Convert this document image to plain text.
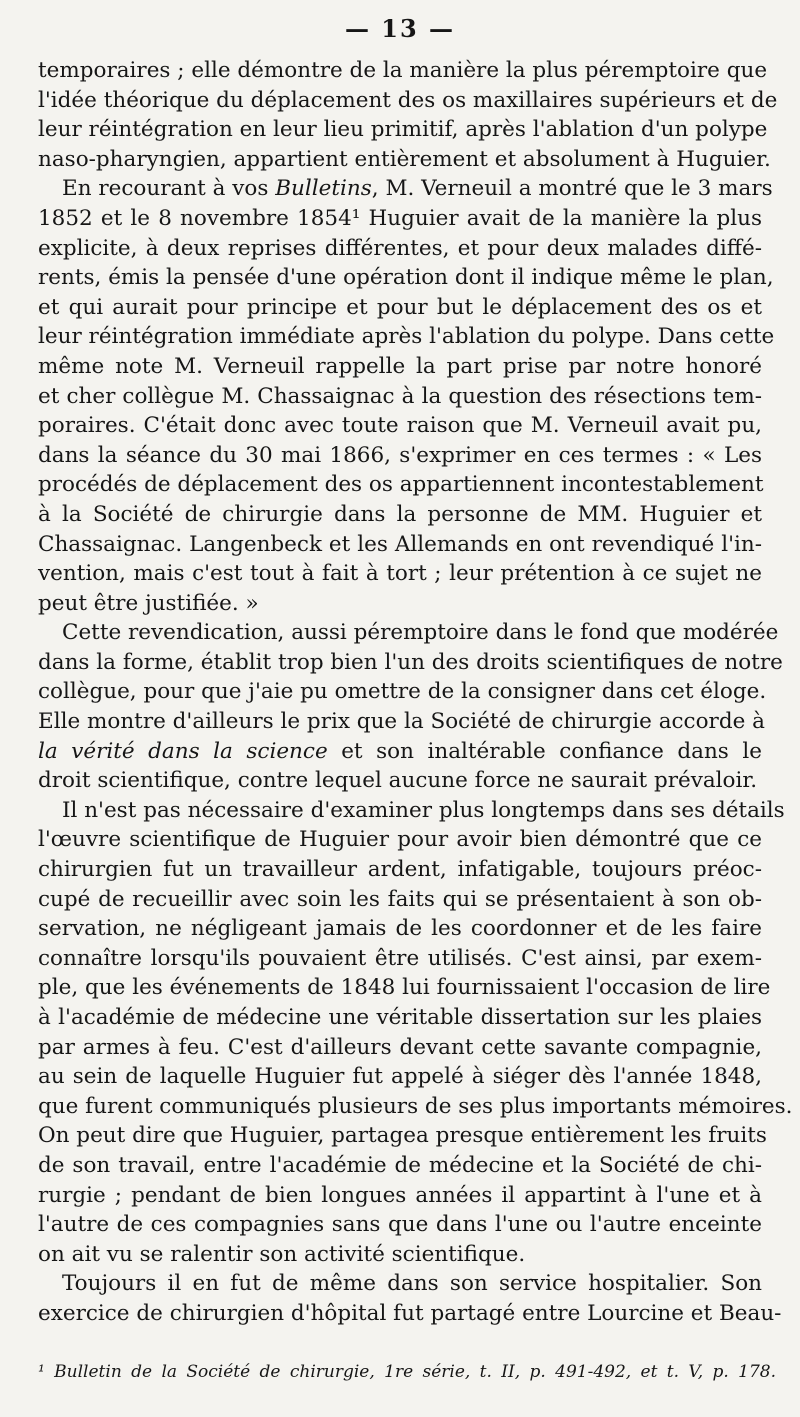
— 13 —
temporaires ; elle démontre de la manière la plus péremptoire que
l'idée théorique du déplacement des os maxillaires supérieurs et de
leur réintégration en leur lieu primitif, après l'ablation d'un polype
naso-pharyngien, appartient entièrement et absolument à Huguier.
En recourant à vos Bulletins, M. Verneuil a montré que le 3 mars
1852 et le 8 novembre 1854¹ Huguier avait de la manière la plus
explicite, à deux reprises différentes, et pour deux malades diffé-
rents, émis la pensée d'une opération dont il indique même le plan,
et qui aurait pour principe et pour but le déplacement des os et
leur réintégration immédiate après l'ablation du polype. Dans cette
même note M. Verneuil rappelle la part prise par notre honoré
et cher collègue M. Chassaignac à la question des résections tem-
poraires. C'était donc avec toute raison que M. Verneuil avait pu,
dans la séance du 30 mai 1866, s'exprimer en ces termes : « Les
procédés de déplacement des os appartiennent incontestablement
à la Société de chirurgie dans la personne de MM. Huguier et
Chassaignac. Langenbeck et les Allemands en ont revendiqué l'in-
vention, mais c'est tout à fait à tort ; leur prétention à ce sujet ne
peut être justifiée. »
Cette revendication, aussi péremptoire dans le fond que modérée
dans la forme, établit trop bien l'un des droits scientifiques de notre
collègue, pour que j'aie pu omettre de la consigner dans cet éloge.
Elle montre d'ailleurs le prix que la Société de chirurgie accorde à
la vérité dans la science et son inaltérable confiance dans le
droit scientifique, contre lequel aucune force ne saurait prévaloir.
Il n'est pas nécessaire d'examiner plus longtemps dans ses détails
l'œuvre scientifique de Huguier pour avoir bien démontré que ce
chirurgien fut un travailleur ardent, infatigable, toujours préoc-
cupé de recueillir avec soin les faits qui se présentaient à son ob-
servation, ne négligeant jamais de les coordonner et de les faire
connaître lorsqu'ils pouvaient être utilisés. C'est ainsi, par exem-
ple, que les événements de 1848 lui fournissaient l'occasion de lire
à l'académie de médecine une véritable dissertation sur les plaies
par armes à feu. C'est d'ailleurs devant cette savante compagnie,
au sein de laquelle Huguier fut appelé à siéger dès l'année 1848,
que furent communiqués plusieurs de ses plus importants mémoires.
On peut dire que Huguier, partagea presque entièrement les fruits
de son travail, entre l'académie de médecine et la Société de chi-
rurgie ; pendant de bien longues années il appartint à l'une et à
l'autre de ces compagnies sans que dans l'une ou l'autre enceinte
on ait vu se ralentir son activité scientifique.
Toujours il en fut de même dans son service hospitalier. Son
exercice de chirurgien d'hôpital fut partagé entre Lourcine et Beau-
¹ Bulletin de la Société de chirurgie, 1re série, t. II, p. 491-492, et t. V, p. 178.
